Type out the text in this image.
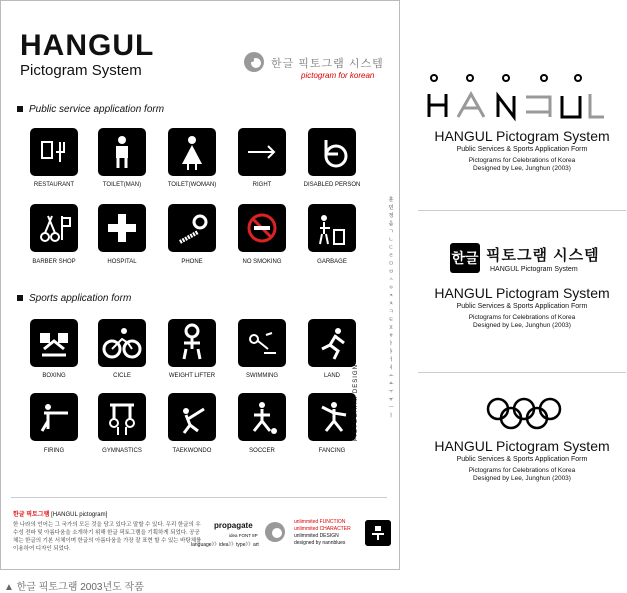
HANGUL
Pictogram System	한글 픽토그램 시스템
pictogram for korean
Public service application form
Sports application form
RESTAURANT	TOILET(MAN)	TOILET(WOMAN)	RIGHT	DISABLED PERSON
BARBER SHOP	HOSPITAL	PHONE	NO SMOKING	GARBAGE
BOXING	CICLE	WEIGHT LIFTER	SWIMMING	LAND
FIRING	GYMNASTICS	TAEKWONDO	SOCCER	FANCING
훈민정음ㄱㄴㄷㄹㅁㅂㅅㅇㅈㅊㅋㅌㅍㅎㅏㅑㅓㅕㅗㅛㅜㅠㅡㅣ
PICTOGRAM DESIGN
한글 픽토그램 [HANGUL pictogram]
한 나라의 언어는 그 국가의 모든 것을 담고 있다고 말할 수 있다. 우리 한글의 우수성 전파 및 아름다움을 소개하기 위해 한글 픽토그램을 기획하게 되었다. 공공체는 한글의 기본 서체이며 한글의 아름다움을 가장 잘 표현 할 수 있는 바탕체를 이용하여 디자인 되었다.
propagate
idea FONT 8P
language》》idea》》type》》art
unlimmited FUNCTION
unlimmited CHARACTER
unlimmited DESIGN
designed by nannblues
▲ 한글 픽토그램 2003년도 작품
HANGUL Pictogram System
Public Services & Sports Application Form
Pictograms for Celebrations of Korea
Designed by Lee, Junghun (2003)
한글 픽토그램 시스템
HANGUL Pictogram System
HANGUL Pictogram System
Public Services & Sports Application Form
Pictograms for Celebrations of Korea
Designed by Lee, Junghun (2003)
HANGUL Pictogram System
Public Services & Sports Application Form
Pictograms for Celebrations of Korea
Designed by Lee, Junghun (2003)
